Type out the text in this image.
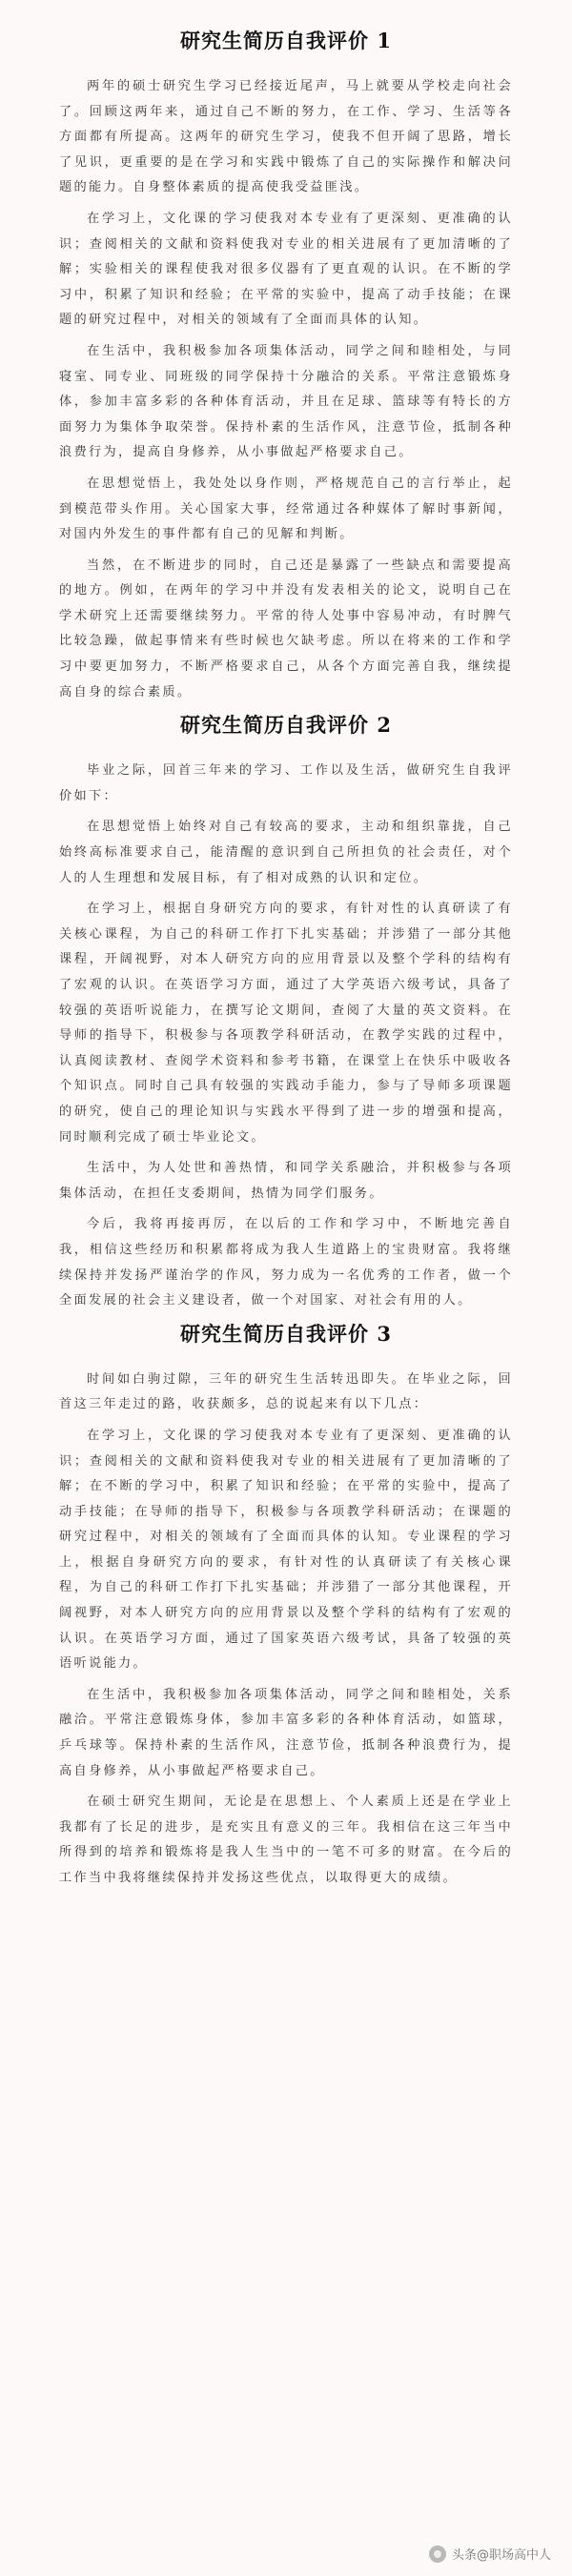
研究生简历自我评价 1

两年的硕士研究生学习已经接近尾声，马上就要从学校走向社会了。回顾这两年来，通过自己不断的努力，在工作、学习、生活等各方面都有所提高。这两年的研究生学习，使我不但开阔了思路，增长了见识，更重要的是在学习和实践中锻炼了自己的实际操作和解决问题的能力。自身整体素质的提高使我受益匪浅。

在学习上，文化课的学习使我对本专业有了更深刻、更准确的认识；查阅相关的文献和资料使我对专业的相关进展有了更加清晰的了解；实验相关的课程使我对很多仪器有了更直观的认识。在不断的学习中，积累了知识和经验；在平常的实验中，提高了动手技能；在课题的研究过程中，对相关的领域有了全面而具体的认知。

在生活中，我积极参加各项集体活动，同学之间和睦相处，与同寝室、同专业、同班级的同学保持十分融洽的关系。平常注意锻炼身体，参加丰富多彩的各种体育活动，并且在足球、篮球等有特长的方面努力为集体争取荣誉。保持朴素的生活作风，注意节俭，抵制各种浪费行为，提高自身修养，从小事做起严格要求自己。

在思想觉悟上，我处处以身作则，严格规范自己的言行举止，起到模范带头作用。关心国家大事，经常通过各种媒体了解时事新闻，对国内外发生的事件都有自己的见解和判断。

当然，在不断进步的同时，自己还是暴露了一些缺点和需要提高的地方。例如，在两年的学习中并没有发表相关的论文，说明自己在学术研究上还需要继续努力。平常的待人处事中容易冲动，有时脾气比较急躁，做起事情来有些时候也欠缺考虑。所以在将来的工作和学习中要更加努力，不断严格要求自己，从各个方面完善自我，继续提高自身的综合素质。

研究生简历自我评价 2

毕业之际，回首三年来的学习、工作以及生活，做研究生自我评价如下：

在思想觉悟上始终对自己有较高的要求，主动和组织靠拢，自己始终高标准要求自己，能清醒的意识到自己所担负的社会责任，对个人的人生理想和发展目标，有了相对成熟的认识和定位。

在学习上，根据自身研究方向的要求，有针对性的认真研读了有关核心课程，为自己的科研工作打下扎实基础；并涉猎了一部分其他课程，开阔视野，对本人研究方向的应用背景以及整个学科的结构有了宏观的认识。在英语学习方面，通过了大学英语六级考试，具备了较强的英语听说能力，在撰写论文期间，查阅了大量的英文资料。在导师的指导下，积极参与各项教学科研活动，在教学实践的过程中，认真阅读教材、查阅学术资料和参考书籍，在课堂上在快乐中吸收各个知识点。同时自己具有较强的实践动手能力，参与了导师多项课题的研究，使自己的理论知识与实践水平得到了进一步的增强和提高，同时顺利完成了硕士毕业论文。

生活中，为人处世和善热情，和同学关系融洽，并积极参与各项集体活动，在担任支委期间，热情为同学们服务。

今后，我将再接再厉，在以后的工作和学习中，不断地完善自我，相信这些经历和积累都将成为我人生道路上的宝贵财富。我将继续保持并发扬严谨治学的作风，努力成为一名优秀的工作者，做一个全面发展的社会主义建设者，做一个对国家、对社会有用的人。

研究生简历自我评价 3

时间如白驹过隙，三年的研究生生活转迅即失。在毕业之际，回首这三年走过的路，收获颇多，总的说起来有以下几点：

在学习上，文化课的学习使我对本专业有了更深刻、更准确的认识；查阅相关的文献和资料使我对专业的相关进展有了更加清晰的了解；在不断的学习中，积累了知识和经验；在平常的实验中，提高了动手技能；在导师的指导下，积极参与各项教学科研活动；在课题的研究过程中，对相关的领域有了全面而具体的认知。专业课程的学习上，根据自身研究方向的要求，有针对性的认真研读了有关核心课程，为自己的科研工作打下扎实基础；并涉猎了一部分其他课程，开阔视野，对本人研究方向的应用背景以及整个学科的结构有了宏观的认识。在英语学习方面，通过了国家英语六级考试，具备了较强的英语听说能力。

在生活中，我积极参加各项集体活动，同学之间和睦相处，关系融洽。平常注意锻炼身体，参加丰富多彩的各种体育活动，如篮球，乒乓球等。保持朴素的生活作风，注意节俭，抵制各种浪费行为，提高自身修养，从小事做起严格要求自己。

在硕士研究生期间，无论是在思想上、个人素质上还是在学业上我都有了长足的进步，是充实且有意义的三年。我相信在这三年当中所得到的培养和锻炼将是我人生当中的一笔不可多的财富。在今后的工作当中我将继续保持并发扬这些优点，以取得更大的成绩。

头条@职场高中人
